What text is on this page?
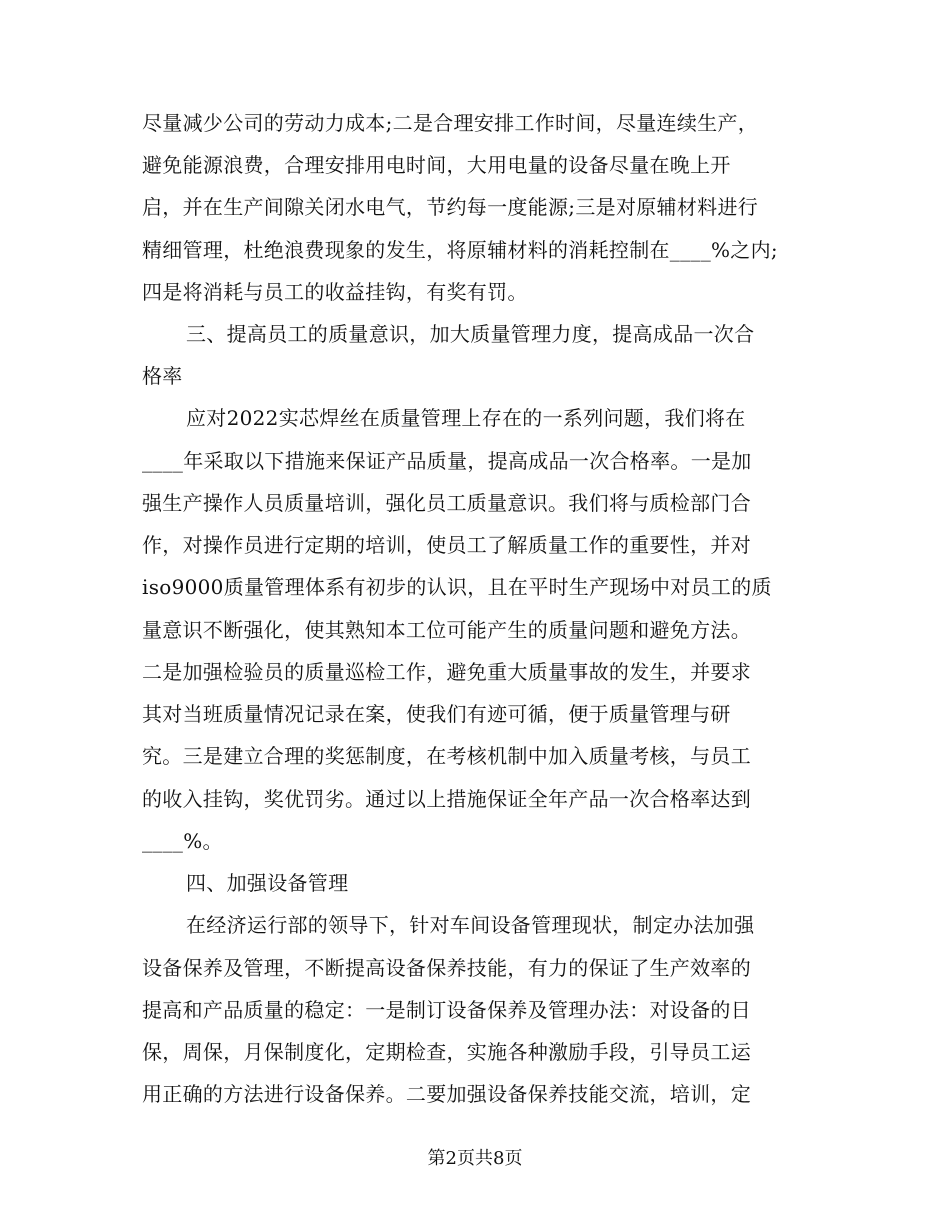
尽量减少公司的劳动力成本;二是合理安排工作时间，尽量连续生产，
避免能源浪费，合理安排用电时间，大用电量的设备尽量在晚上开
启，并在生产间隙关闭水电气，节约每一度能源;三是对原辅材料进行
精细管理，杜绝浪费现象的发生，将原辅材料的消耗控制在____%之内;
四是将消耗与员工的收益挂钩，有奖有罚。
三、提高员工的质量意识，加大质量管理力度，提高成品一次合
格率
应对2022实芯焊丝在质量管理上存在的一系列问题，我们将在
____年采取以下措施来保证产品质量，提高成品一次合格率。一是加
强生产操作人员质量培训，强化员工质量意识。我们将与质检部门合
作，对操作员进行定期的培训，使员工了解质量工作的重要性，并对
iso9000质量管理体系有初步的认识，且在平时生产现场中对员工的质
量意识不断强化，使其熟知本工位可能产生的质量问题和避免方法。
二是加强检验员的质量巡检工作，避免重大质量事故的发生，并要求
其对当班质量情况记录在案，使我们有迹可循，便于质量管理与研
究。三是建立合理的奖惩制度，在考核机制中加入质量考核，与员工
的收入挂钩，奖优罚劣。通过以上措施保证全年产品一次合格率达到
____%。
四、加强设备管理
在经济运行部的领导下，针对车间设备管理现状，制定办法加强
设备保养及管理，不断提高设备保养技能，有力的保证了生产效率的
提高和产品质量的稳定：一是制订设备保养及管理办法：对设备的日
保，周保，月保制度化，定期检查，实施各种激励手段，引导员工运
用正确的方法进行设备保养。二要加强设备保养技能交流，培训，定
第2页共8页
